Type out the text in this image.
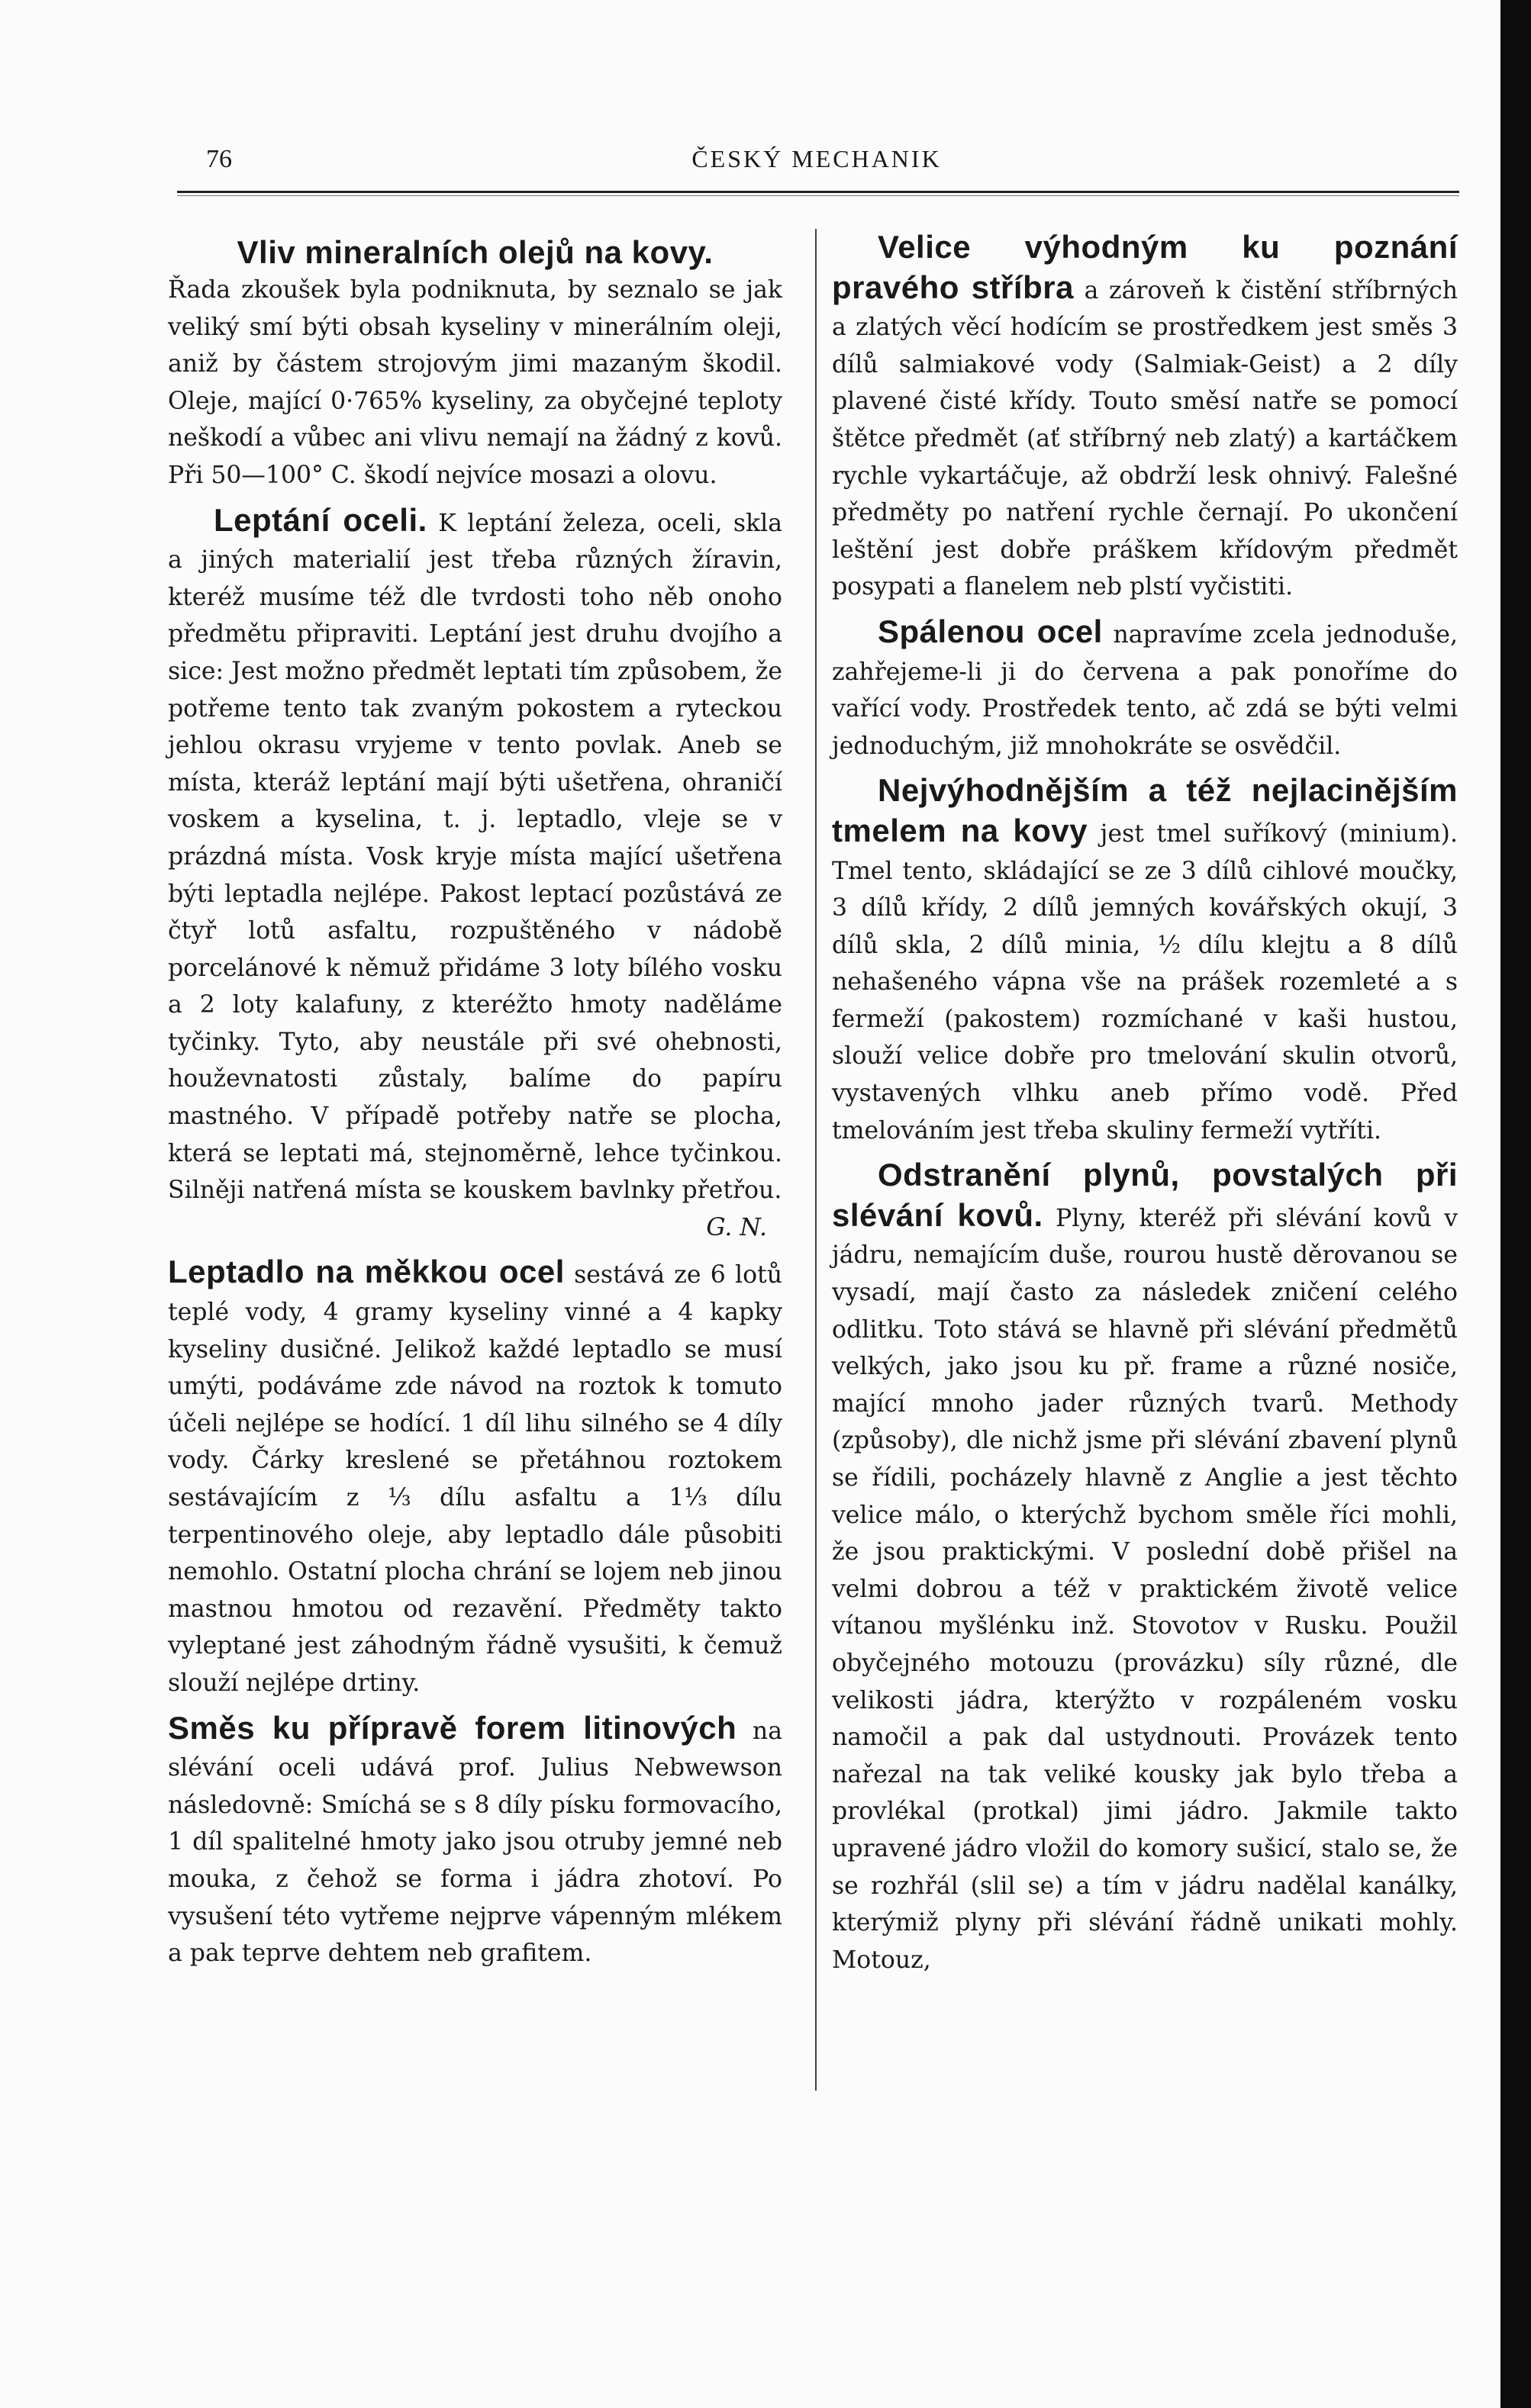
76	ČESKÝ MECHANIK
Vliv mineralních olejů na kovy.

Řada zkoušek byla podniknuta, by seznalo se jak veliký smí býti obsah kyseliny v minerálním oleji, aniž by částem strojovým jimi mazaným škodil. Oleje, mající 0·765% kyseliny, za obyčejné teploty neškodí a vůbec ani vlivu nemají na žádný z kovů. Při 50—100° C. škodí nejvíce mosazi a olovu.

Leptání oceli. K leptání železa, oceli, skla a jiných materialií jest třeba různých žíravin, kteréž musíme též dle tvrdosti toho něb onoho předmětu připraviti. Leptání jest druhu dvojího a sice: Jest možno předmět leptati tím způsobem, že potřeme tento tak zvaným pokostem a ryteckou jehlou okrasu vryjeme v tento povlak. Aneb se místa, kteráž leptání mají býti ušetřena, ohraničí voskem a kyselina, t. j. leptadlo, vleje se v prázdná místa. Vosk kryje místa mající ušetřena býti leptadla nejlépe. Pakost leptací pozůstává ze čtyř lotů asfaltu, rozpuštěného v nádobě porcelánové k němuž přidáme 3 loty bílého vosku a 2 loty kalafuny, z kteréžto hmoty naděláme tyčinky. Tyto, aby neustále při své ohebnosti, houževnatosti zůstaly, balíme do papíru mastného. V případě potřeby natře se plocha, která se leptati má, stejnoměrně, lehce tyčinkou. Silněji natřená místa se kouskem bavlnky přetřou.
G. N.

Leptadlo na měkkou ocel sestává ze 6 lotů teplé vody, 4 gramy kyseliny vinné a 4 kapky kyseliny dusičné. Jelikož každé leptadlo se musí umýti, podáváme zde návod na roztok k tomuto účeli nejlépe se hodící. 1 díl lihu silného se 4 díly vody. Čárky kreslené se přetáhnou roztokem sestávajícím z ⅓ dílu asfaltu a 1⅓ dílu terpentinového oleje, aby leptadlo dále působiti nemohlo. Ostatní plocha chrání se lojem neb jinou mastnou hmotou od rezavění. Předměty takto vyleptané jest záhodným řádně vysušiti, k čemuž slouží nejlépe drtiny.

Směs ku přípravě forem litinových na slévání oceli udává prof. Julius Nebwewson následovně: Smíchá se s 8 díly písku formovacího, 1 díl spalitelné hmoty jako jsou otruby jemné neb mouka, z čehož se forma i jádra zhotoví. Po vysušení této vytřeme nejprve vápenným mlékem a pak teprve dehtem neb grafitem.

Velice výhodným ku poznání pravého stříbra a zároveň k čistění stříbrných a zlatých věcí hodícím se prostředkem jest směs 3 dílů salmiakové vody (Salmiak-Geist) a 2 díly plavené čisté křídy. Touto směsí natře se pomocí štětce předmět (ať stříbrný neb zlatý) a kartáčkem rychle vykartáčuje, až obdrží lesk ohnivý. Falešné předměty po natření rychle černají. Po ukončení leštění jest dobře práškem křídovým předmět posypati a flanelem neb plstí vyčistiti.

Spálenou ocel napravíme zcela jednoduše, zahřejeme-li ji do červena a pak ponoříme do vařící vody. Prostředek tento, ač zdá se býti velmi jednoduchým, již mnohokráte se osvědčil.

Nejvýhodnějším a též nejlacinějším tmelem na kovy jest tmel suříkový (minium). Tmel tento, skládající se ze 3 dílů cihlové moučky, 3 dílů křídy, 2 dílů jemných kovářských okují, 3 dílů skla, 2 dílů minia, ½ dílu klejtu a 8 dílů nehašeného vápna vše na prášek rozemleté a s fermeží (pakostem) rozmíchané v kaši hustou, slouží velice dobře pro tmelování skulin otvorů, vystavených vlhku aneb přímo vodě. Před tmelováním jest třeba skuliny fermeží vytříti.

Odstranění plynů, povstalých při slévání kovů. Plyny, kteréž při slévání kovů v jádru, nemajícím duše, rourou hustě děrovanou se vysadí, mají často za následek zničení celého odlitku. Toto stává se hlavně při slévání předmětů velkých, jako jsou ku př. frame a různé nosiče, mající mnoho jader různých tvarů. Methody (způsoby), dle nichž jsme při slévání zbavení plynů se řídili, pocházely hlavně z Anglie a jest těchto velice málo, o kterýchž bychom směle říci mohli, že jsou praktickými. V poslední době přišel na velmi dobrou a též v praktickém životě velice vítanou myšlénku inž. Stovotov v Rusku. Použil obyčejného motouzu (provázku) síly různé, dle velikosti jádra, kterýžto v rozpáleném vosku namočil a pak dal ustydnouti. Provázek tento nařezal na tak veliké kousky jak bylo třeba a provlékal (protkal) jimi jádro. Jakmile takto upravené jádro vložil do komory sušicí, stalo se, že se rozhřál (slil se) a tím v jádru nadělal kanálky, kterýmiž plyny při slévání řádně unikati mohly. Motouz,
